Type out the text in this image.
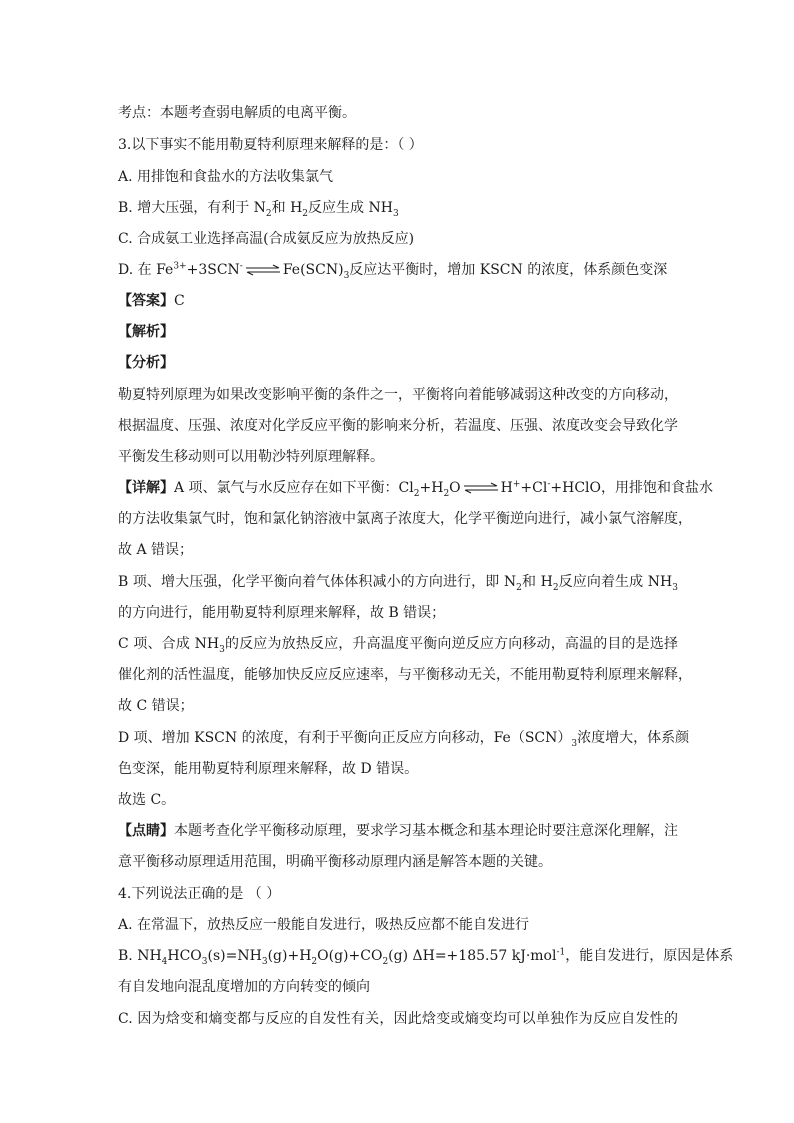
考点：本题考查弱电解质的电离平衡。
3.以下事实不能用勒夏特利原理来解释的是：（ ）
A. 用排饱和食盐水的方法收集氯气
B. 增大压强，有利于 $N_2$和 $H_2$反应生成 $NH_3$
C. 合成氨工业选择高温(合成氨反应为放热反应)
D. 在 $Fe^{3+}+3SCN^-$ ⇌ $Fe(SCN)_3$反应达平衡时，增加 KSCN 的浓度，体系颜色变深
【答案】C
【解析】
【分析】
勒夏特列原理为如果改变影响平衡的条件之一，平衡将向着能够减弱这种改变的方向移动，
根据温度、压强、浓度对化学反应平衡的影响来分析，若温度、压强、浓度改变会导致化学
平衡发生移动则可以用勒沙特列原理解释。
【详解】A 项、氯气与水反应存在如下平衡：$Cl_2+H_2O$ ⇌ H++Cl-+HClO，用排饱和食盐水
的方法收集氯气时，饱和氯化钠溶液中氯离子浓度大，化学平衡逆向进行，减小氯气溶解度，
故 A 错误；
B 项、增大压强，化学平衡向着气体体积减小的方向进行，即 $N_2$和 $H_2$反应向着生成 $NH_3$
的方向进行，能用勒夏特利原理来解释，故 B 错误；
C 项、合成 $NH_3$的反应为放热反应，升高温度平衡向逆反应方向移动，高温的目的是选择
催化剂的活性温度，能够加快反应反应速率，与平衡移动无关，不能用勒夏特利原理来解释，
故 C 错误；
D 项、增加 KSCN 的浓度，有利于平衡向正反应方向移动，$Fe(SCN)_3$浓度增大，体系颜
色变深，能用勒夏特利原理来解释，故 D 错误。
故选 C。
【点睛】本题考查化学平衡移动原理，要求学习基本概念和基本理论时要注意深化理解，注
意平衡移动原理适用范围，明确平衡移动原理内涵是解答本题的关键。
4.下列说法正确的是 （ ）
A. 在常温下，放热反应一般能自发进行，吸热反应都不能自发进行
B. $NH_4HCO_3(s)=NH_3(g)+H_2O(g)+CO_2(g)$ ΔH=+185.57 kJ·mol$^{-1}$，能自发进行，原因是体系
有自发地向混乱度增加的方向转变的倾向
C. 因为焓变和熵变都与反应的自发性有关，因此焓变或熵变均可以单独作为反应自发性的
